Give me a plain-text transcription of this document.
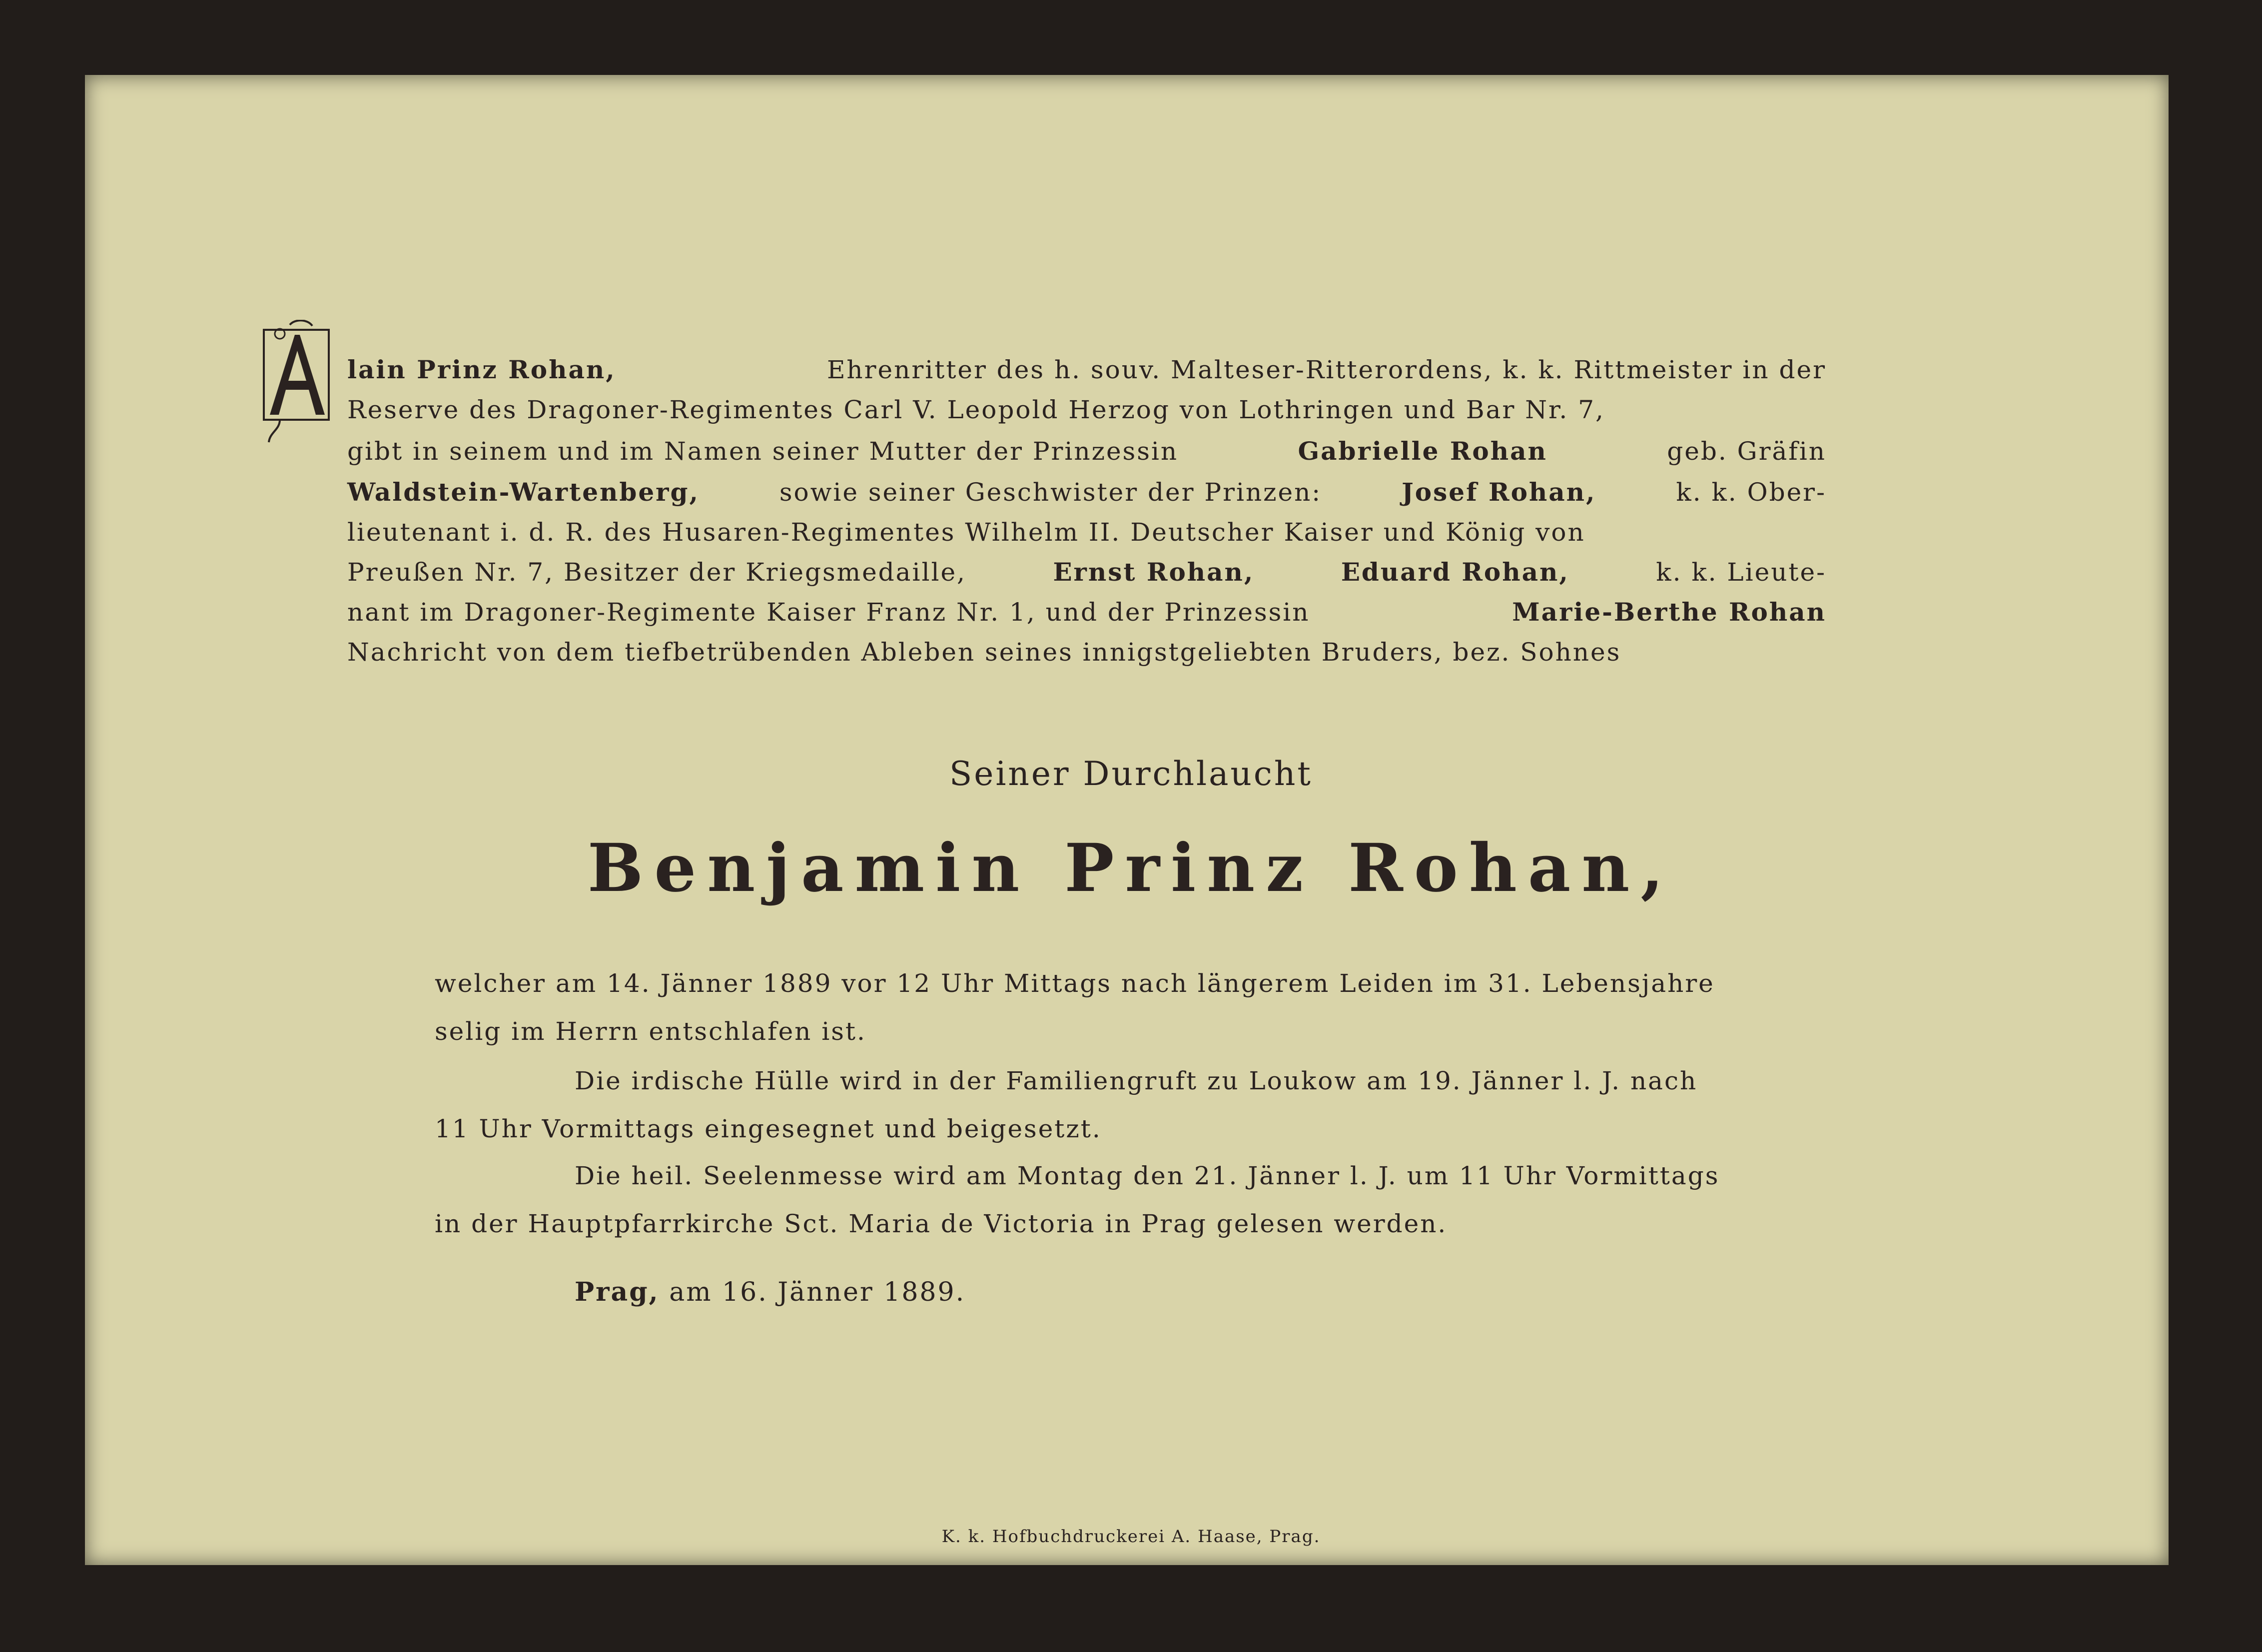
lain Prinz Rohan,	Ehrenritter des h. souv. Malteser-Ritterordens, k. k. Rittmeister in der
Reserve des Dragoner-Regimentes Carl V. Leopold Herzog von Lothringen und Bar Nr. 7,
gibt in seinem und im Namen seiner Mutter der Prinzessin	Gabrielle Rohan	geb. Gräfin
Waldstein-Wartenberg,	sowie seiner Geschwister der Prinzen:	Josef Rohan,	k. k. Ober-
lieutenant i. d. R. des Husaren-Regimentes Wilhelm II. Deutscher Kaiser und König von
Preußen Nr. 7, Besitzer der Kriegsmedaille,	Ernst Rohan,	Eduard Rohan,	k. k. Lieute-
nant im Dragoner-Regimente Kaiser Franz Nr. 1, und der Prinzessin	Marie-Berthe Rohan
Nachricht von dem tiefbetrübenden Ableben seines innigstgeliebten Bruders, bez. Sohnes
Seiner Durchlaucht
Benjamin Prinz Rohan,
welcher am 14. Jänner 1889 vor 12 Uhr Mittags nach längerem Leiden im 31. Lebensjahre
selig im Herrn entschlafen ist.
Die irdische Hülle wird in der Familiengruft zu Loukow am 19. Jänner l. J. nach
11 Uhr Vormittags eingesegnet und beigesetzt.
Die heil. Seelenmesse wird am Montag den 21. Jänner l. J. um 11 Uhr Vormittags
in der Hauptpfarrkirche Sct. Maria de Victoria in Prag gelesen werden.
Prag, am 16. Jänner 1889.
K. k. Hofbuchdruckerei A. Haase, Prag.
